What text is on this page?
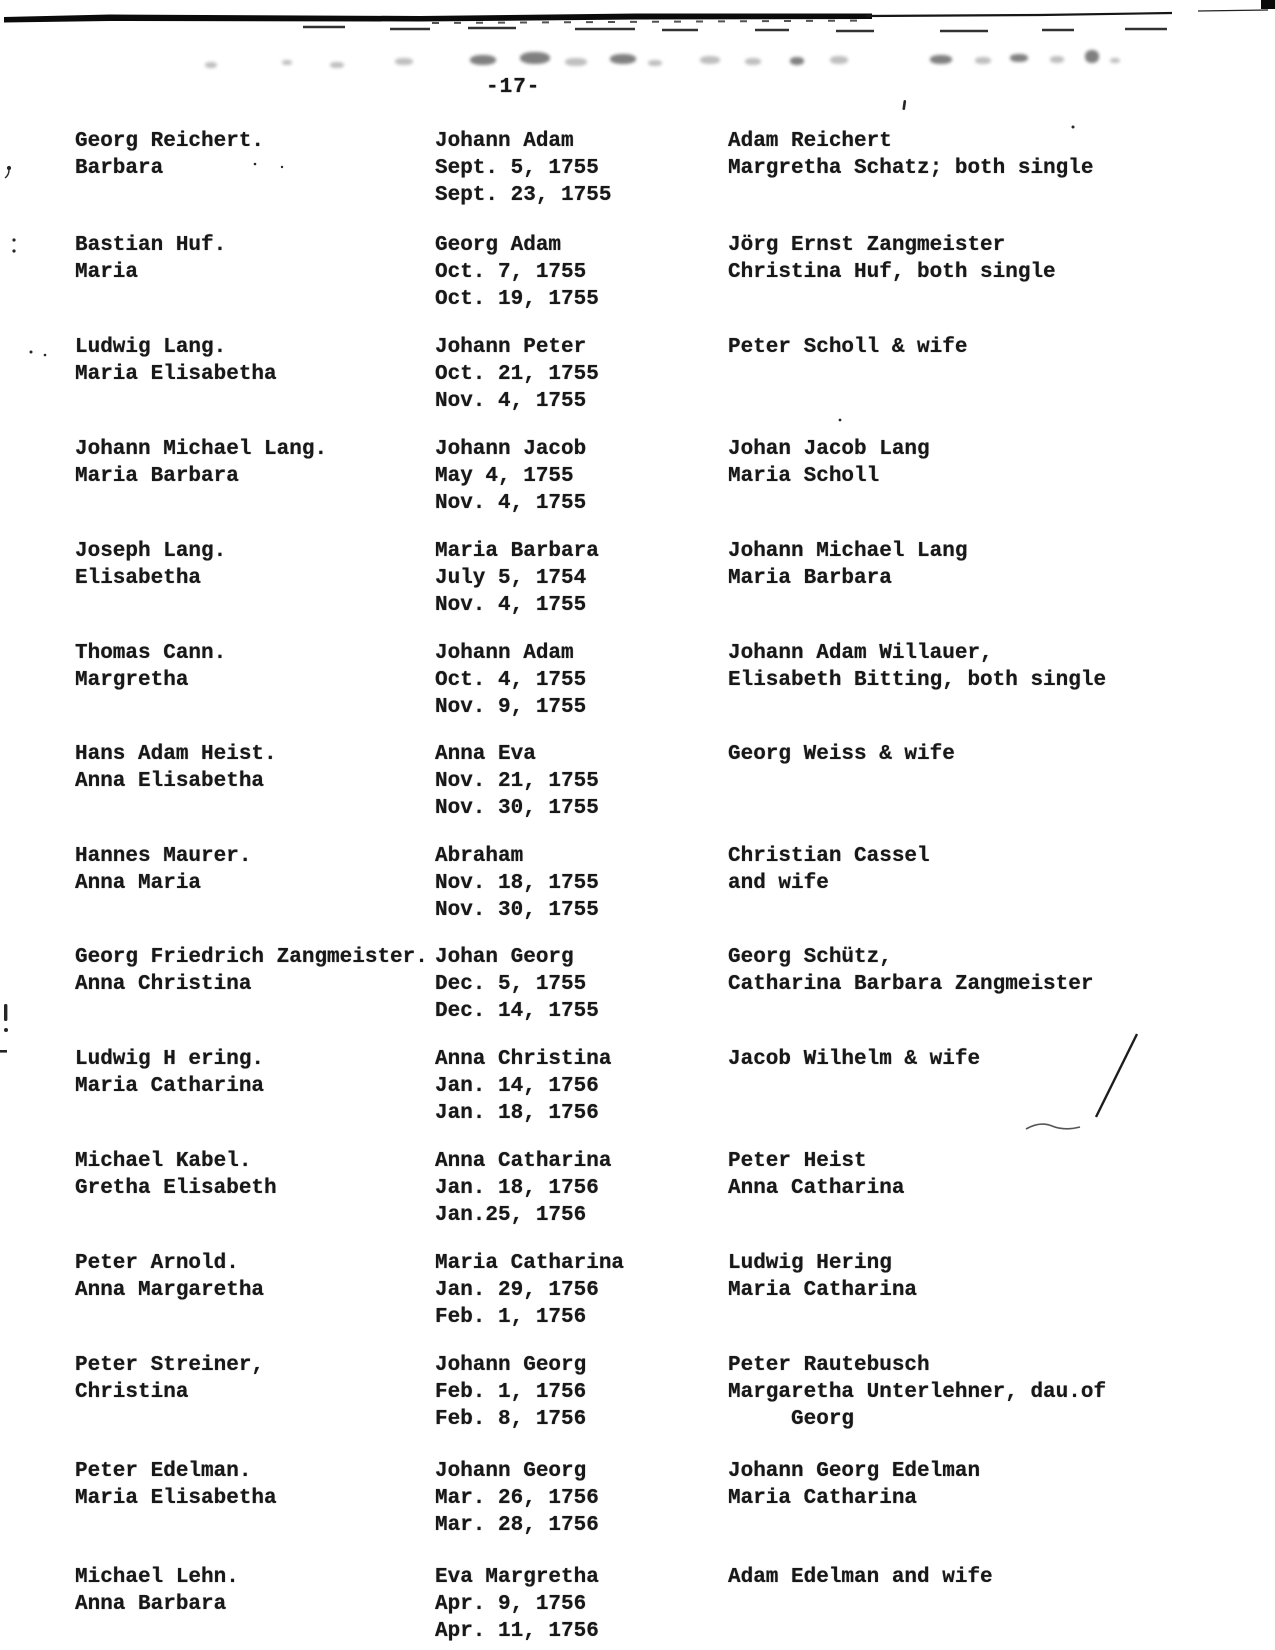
-17-
Georg Reichert.
Barbara
Johann Adam
Sept. 5, 1755
Sept. 23, 1755
Adam Reichert
Margretha Schatz; both single
Bastian Huf.
Maria
Georg Adam
Oct. 7, 1755
Oct. 19, 1755
Jörg Ernst Zangmeister
Christina Huf, both single
Ludwig Lang.
Maria Elisabetha
Johann Peter
Oct. 21, 1755
Nov. 4, 1755
Peter Scholl & wife
Johann Michael Lang.
Maria Barbara
Johann Jacob
May 4, 1755
Nov. 4, 1755
Johan Jacob Lang
Maria Scholl
Joseph Lang.
Elisabetha
Maria Barbara
July 5, 1754
Nov. 4, 1755
Johann Michael Lang
Maria Barbara
Thomas Cann.
Margretha
Johann Adam
Oct. 4, 1755
Nov. 9, 1755
Johann Adam Willauer,
Elisabeth Bitting, both single
Hans Adam Heist.
Anna Elisabetha
Anna Eva
Nov. 21, 1755
Nov. 30, 1755
Georg Weiss & wife
Hannes Maurer.
Anna Maria
Abraham
Nov. 18, 1755
Nov. 30, 1755
Christian Cassel
and wife
Georg Friedrich Zangmeister.
Anna Christina
Johan Georg
Dec. 5, 1755
Dec. 14, 1755
Georg Schütz,
Catharina Barbara Zangmeister
Ludwig H ering.
Maria Catharina
Anna Christina
Jan. 14, 1756
Jan. 18, 1756
Jacob Wilhelm & wife
Michael Kabel.
Gretha Elisabeth
Anna Catharina
Jan. 18, 1756
Jan.25, 1756
Peter Heist
Anna Catharina
Peter Arnold.
Anna Margaretha
Maria Catharina
Jan. 29, 1756
Feb. 1, 1756
Ludwig Hering
Maria Catharina
Peter Streiner,
Christina
Johann Georg
Feb. 1, 1756
Feb. 8, 1756
Peter Rautebusch
Margaretha Unterlehner, dau.of
Georg
Peter Edelman.
Maria Elisabetha
Johann Georg
Mar. 26, 1756
Mar. 28, 1756
Johann Georg Edelman
Maria Catharina
Michael Lehn.
Anna Barbara
Eva Margretha
Apr. 9, 1756
Apr. 11, 1756
Adam Edelman and wife
